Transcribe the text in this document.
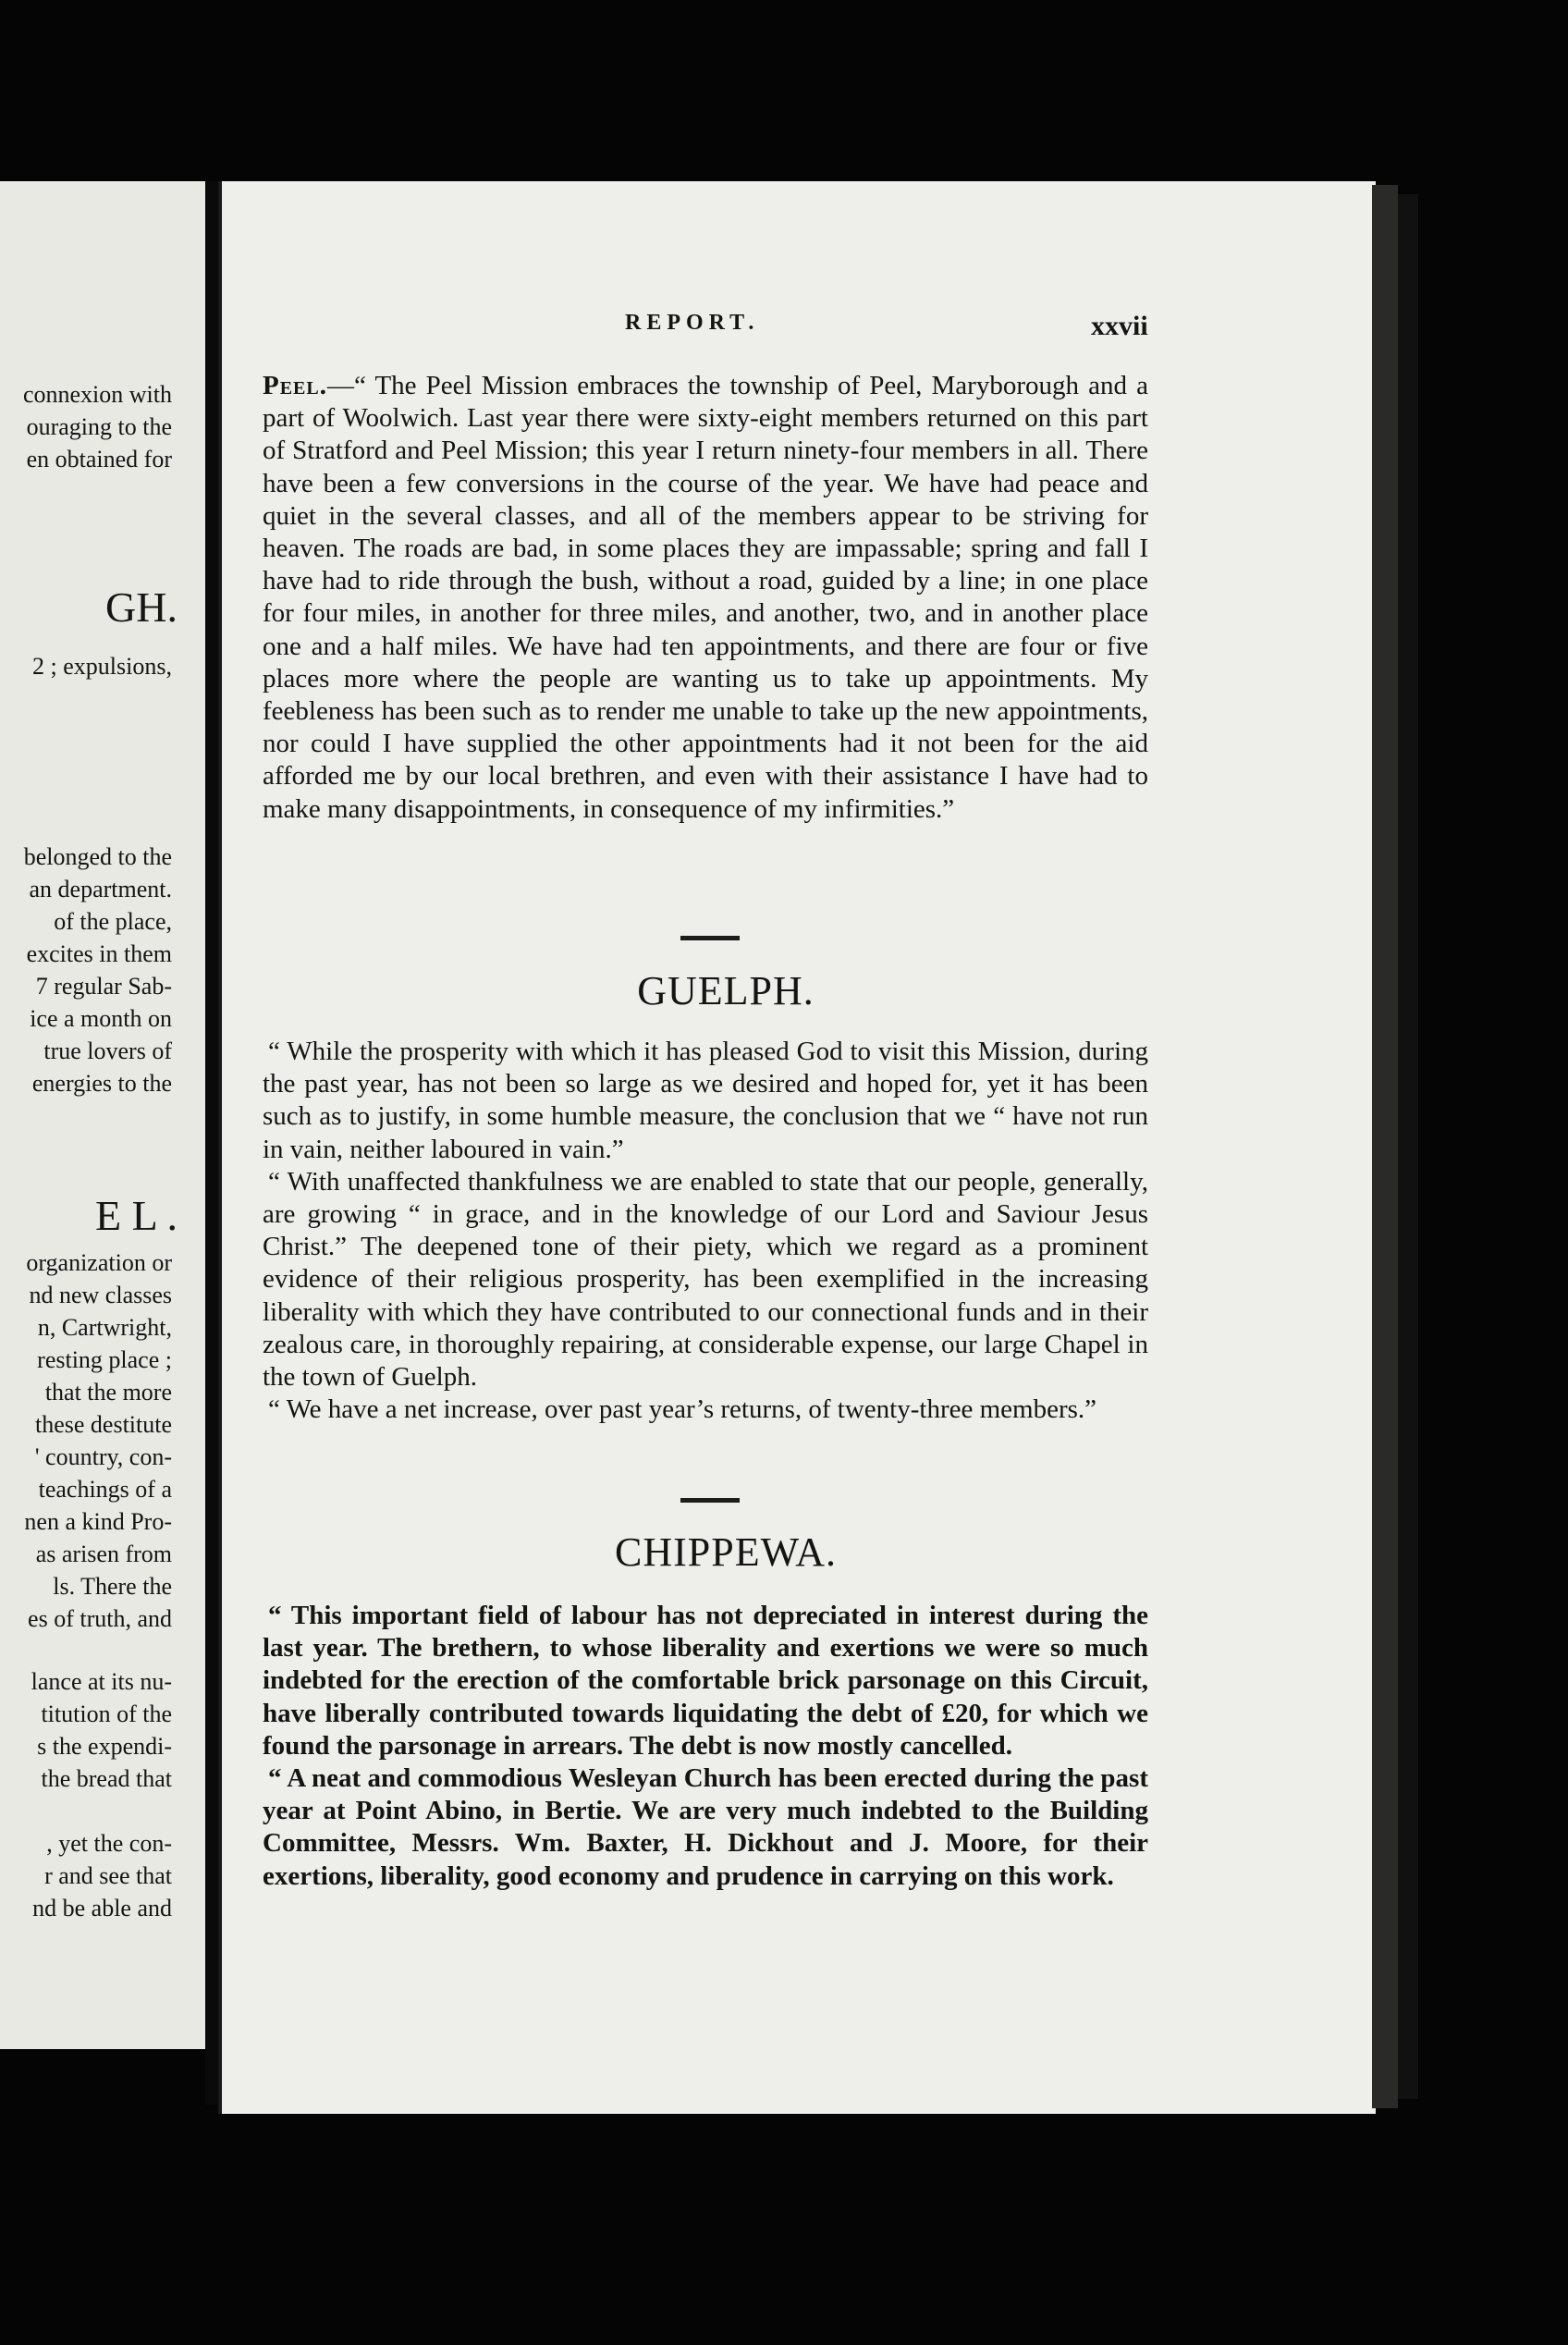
connexion with
ouraging to the
en obtained for
GH.
2 ; expulsions,
belonged to the
an department.
of the place,
excites in them
7 regular Sab-
ice a month on
true lovers of
energies to the
E L .
organization or
nd new classes
n, Cartwright,
resting place ;
that the more
these destitute
' country, con-
teachings of a
nen a kind Pro-
as arisen from
ls. There the
es of truth, and
lance at its nu-
titution of the
s the expendi-
the bread that
, yet the con-
r and see that
nd be able and
REPORT.	xxvii

Peel.—“ The Peel Mission embraces the township of Peel, Maryborough and a part of Woolwich. Last year there were sixty-eight members returned on this part of Stratford and Peel Mission; this year I return ninety-four members in all. There have been a few conversions in the course of the year. We have had peace and quiet in the several classes, and all of the members appear to be striving for heaven. The roads are bad, in some places they are impassable; spring and fall I have had to ride through the bush, without a road, guided by a line; in one place for four miles, in another for three miles, and another, two, and in another place one and a half miles. We have had ten appointments, and there are four or five places more where the people are wanting us to take up appointments. My feebleness has been such as to render me unable to take up the new appointments, nor could I have supplied the other appointments had it not been for the aid afforded me by our local brethren, and even with their assistance I have had to make many disappointments, in consequence of my infirmities.”

GUELPH.

“ While the prosperity with which it has pleased God to visit this Mission, during the past year, has not been so large as we desired and hoped for, yet it has been such as to justify, in some humble measure, the conclusion that we “ have not run in vain, neither laboured in vain.”

“ With unaffected thankfulness we are enabled to state that our people, generally, are growing “ in grace, and in the knowledge of our Lord and Saviour Jesus Christ.” The deepened tone of their piety, which we regard as a prominent evidence of their religious prosperity, has been exemplified in the increasing liberality with which they have contributed to our connectional funds and in their zealous care, in thoroughly repairing, at considerable expense, our large Chapel in the town of Guelph.

“ We have a net increase, over past year’s returns, of twenty-three members.”

CHIPPEWA.

“ This important field of labour has not depreciated in interest during the last year. The brethern, to whose liberality and exertions we were so much indebted for the erection of the comfortable brick parsonage on this Circuit, have liberally contributed towards liquidating the debt of £20, for which we found the parsonage in arrears. The debt is now mostly cancelled.

“ A neat and commodious Wesleyan Church has been erected during the past year at Point Abino, in Bertie. We are very much indebted to the Building Committee, Messrs. Wm. Baxter, H. Dickhout and J. Moore, for their exertions, liberality, good economy and prudence in carrying on this work.
